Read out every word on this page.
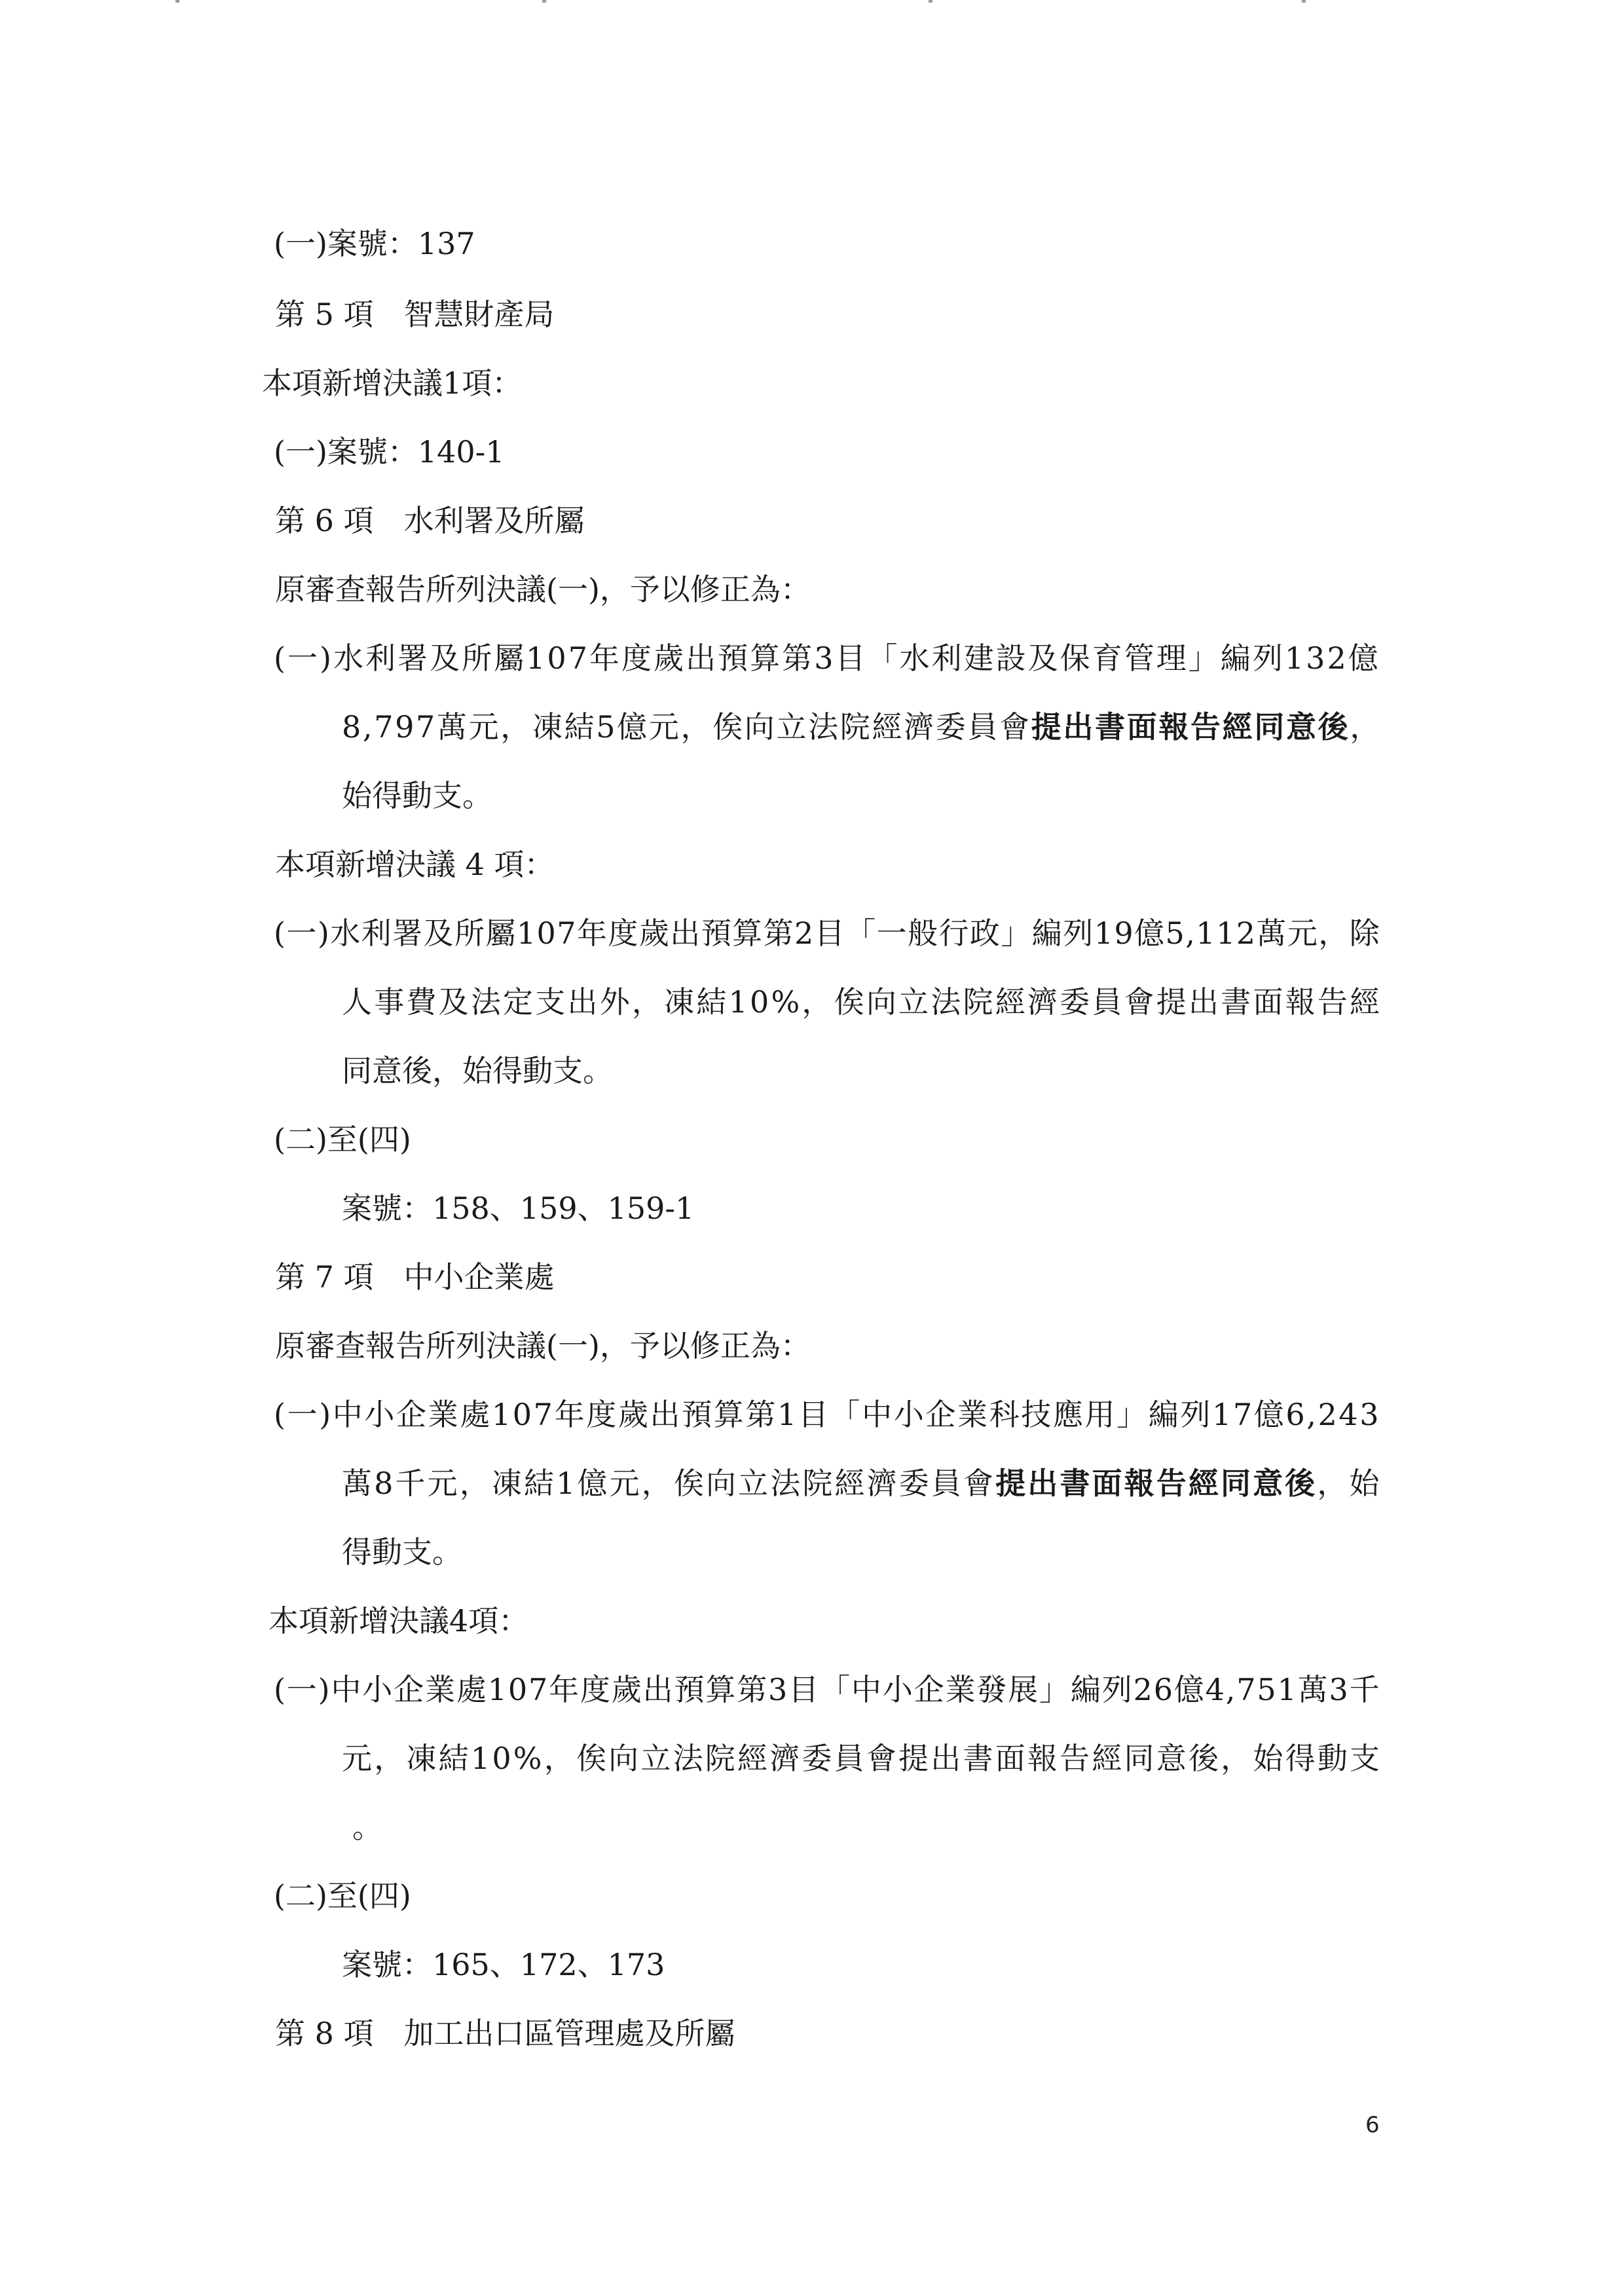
(一)案號：137
第 5 項　智慧財產局
本項新增決議1項：
(一)案號：140-1
第 6 項　水利署及所屬
原審查報告所列決議(一)，予以修正為：
(一)水利署及所屬107年度歲出預算第3目「水利建設及保育管理」編列132億
8,797萬元，凍結5億元，俟向立法院經濟委員會提出書面報告經同意後，
始得動支。
本項新增決議 4 項：
(一)水利署及所屬107年度歲出預算第2目「一般行政」編列19億5,112萬元，除
人事費及法定支出外，凍結10%，俟向立法院經濟委員會提出書面報告經
同意後，始得動支。
(二)至(四)
案號：158、159、159-1
第 7 項　中小企業處
原審查報告所列決議(一)，予以修正為：
(一)中小企業處107年度歲出預算第1目「中小企業科技應用」編列17億6,243
萬8千元，凍結1億元，俟向立法院經濟委員會提出書面報告經同意後，始
得動支。
本項新增決議4項：
(一)中小企業處107年度歲出預算第3目「中小企業發展」編列26億4,751萬3千
元，凍結10%，俟向立法院經濟委員會提出書面報告經同意後，始得動支
。
(二)至(四)
案號：165、172、173
第 8 項　加工出口區管理處及所屬
6
